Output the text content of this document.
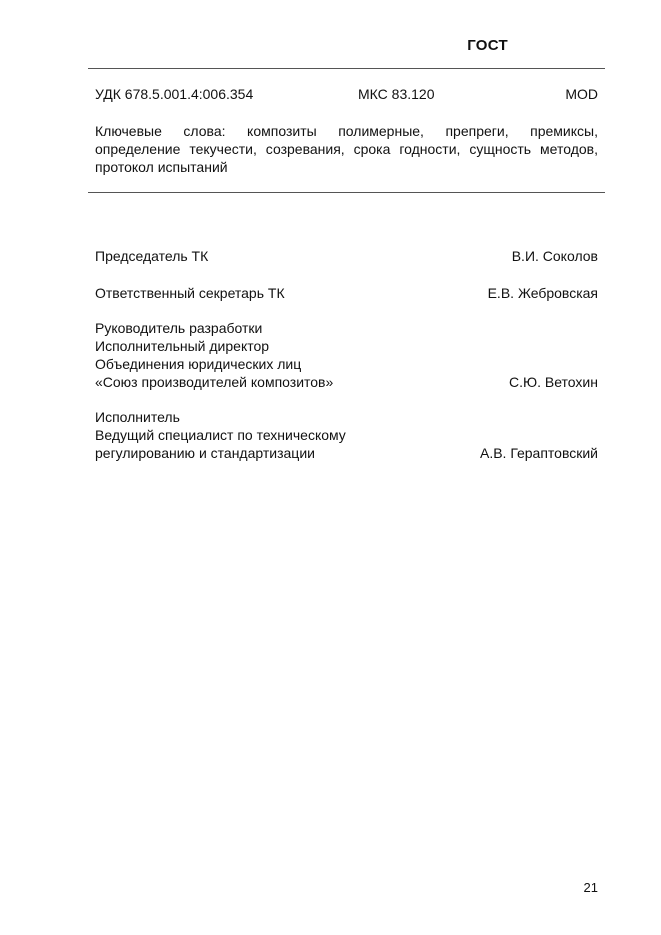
ГОСТ
УДК 678.5.001.4:006.354	МКС 83.120	MOD
Ключевые слова: композиты полимерные, препреги, премиксы, определение текучести, созревания, срока годности, сущность методов, протокол испытаний
Председатель ТК	В.И. Соколов
Ответственный секретарь ТК	Е.В. Жебровская
Руководитель разработки
Исполнительный директор
Объединения юридических лиц
«Союз производителей композитов»	С.Ю. Ветохин
Исполнитель
Ведущий специалист по техническому
регулированию и стандартизации	А.В. Гераптовский
21
